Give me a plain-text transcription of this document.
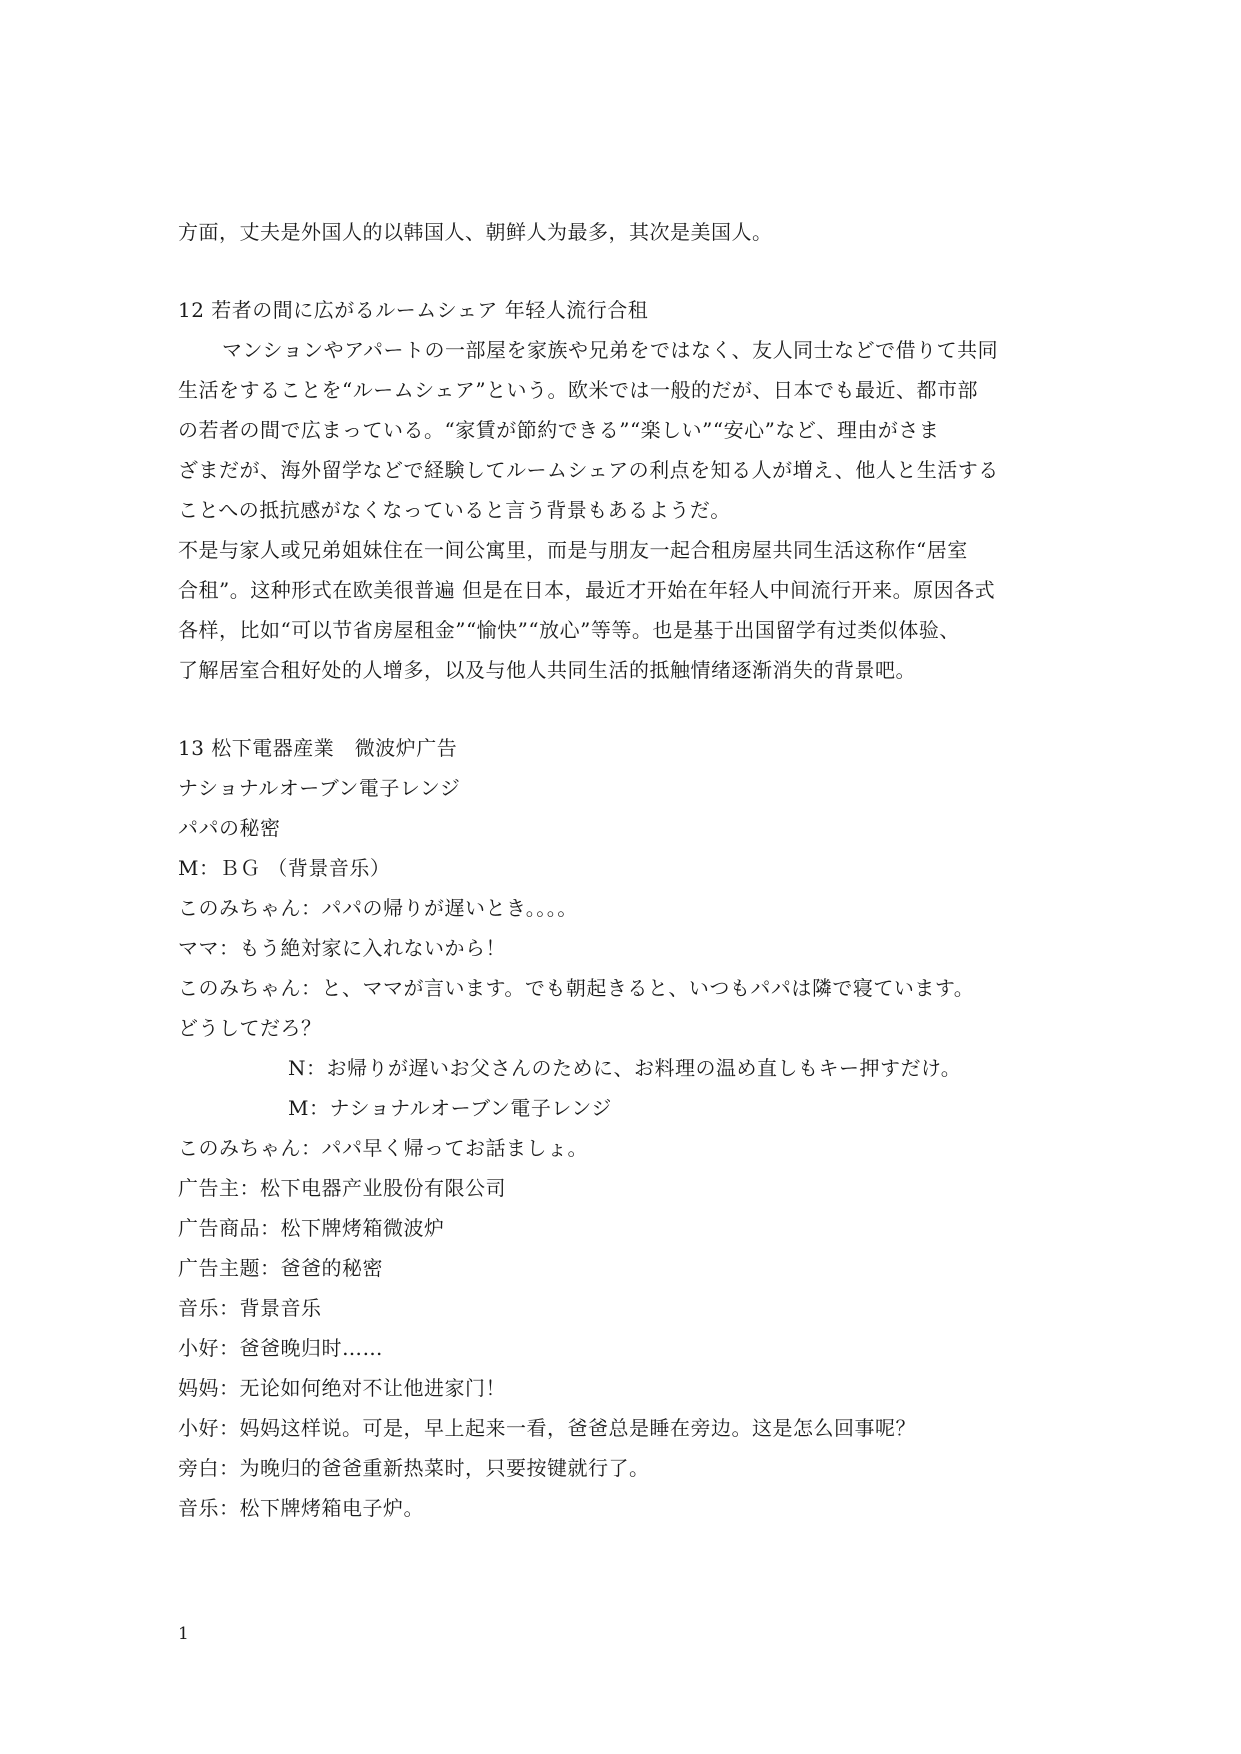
方面，丈夫是外国人的以韩国人、朝鲜人为最多，其次是美国人。
12 若者の間に広がるルームシェア 年轻人流行合租
マンションやアパートの一部屋を家族や兄弟をではなく、友人同士などで借りて共同
生活をすることを“ルームシェア”という。欧米では一般的だが、日本でも最近、都市部
の若者の間で広まっている。“家賃が節約できる”“楽しい”“安心”など、理由がさま
ざまだが、海外留学などで経験してルームシェアの利点を知る人が増え、他人と生活する
ことへの抵抗感がなくなっていると言う背景もあるようだ。
不是与家人或兄弟姐妹住在一间公寓里，而是与朋友一起合租房屋共同生活这称作“居室
合租”。这种形式在欧美很普遍 但是在日本，最近才开始在年轻人中间流行开来。原因各式
各样，比如“可以节省房屋租金”“愉快”“放心”等等。也是基于出国留学有过类似体验、
了解居室合租好处的人增多，以及与他人共同生活的抵触情绪逐渐消失的背景吧。
13 松下電器産業　微波炉广告
ナショナルオーブン電子レンジ
パパの秘密
M：ＢＧ （背景音乐）
このみちゃん：パパの帰りが遅いとき。。。。
ママ：もう絶対家に入れないから！
このみちゃん：と、ママが言います。でも朝起きると、いつもパパは隣で寝ています。
どうしてだろ？
N：お帰りが遅いお父さんのために、お料理の温め直しもキー押すだけ。
M：ナショナルオーブン電子レンジ
このみちゃん：パパ早く帰ってお話ましょ。
广告主：松下电器产业股份有限公司
广告商品：松下牌烤箱微波炉
广告主题：爸爸的秘密
音乐：背景音乐
小好：爸爸晚归时……
妈妈：无论如何绝对不让他进家门！
小好：妈妈这样说。可是，早上起来一看，爸爸总是睡在旁边。这是怎么回事呢？
旁白：为晚归的爸爸重新热菜时，只要按键就行了。
音乐：松下牌烤箱电子炉。
1
